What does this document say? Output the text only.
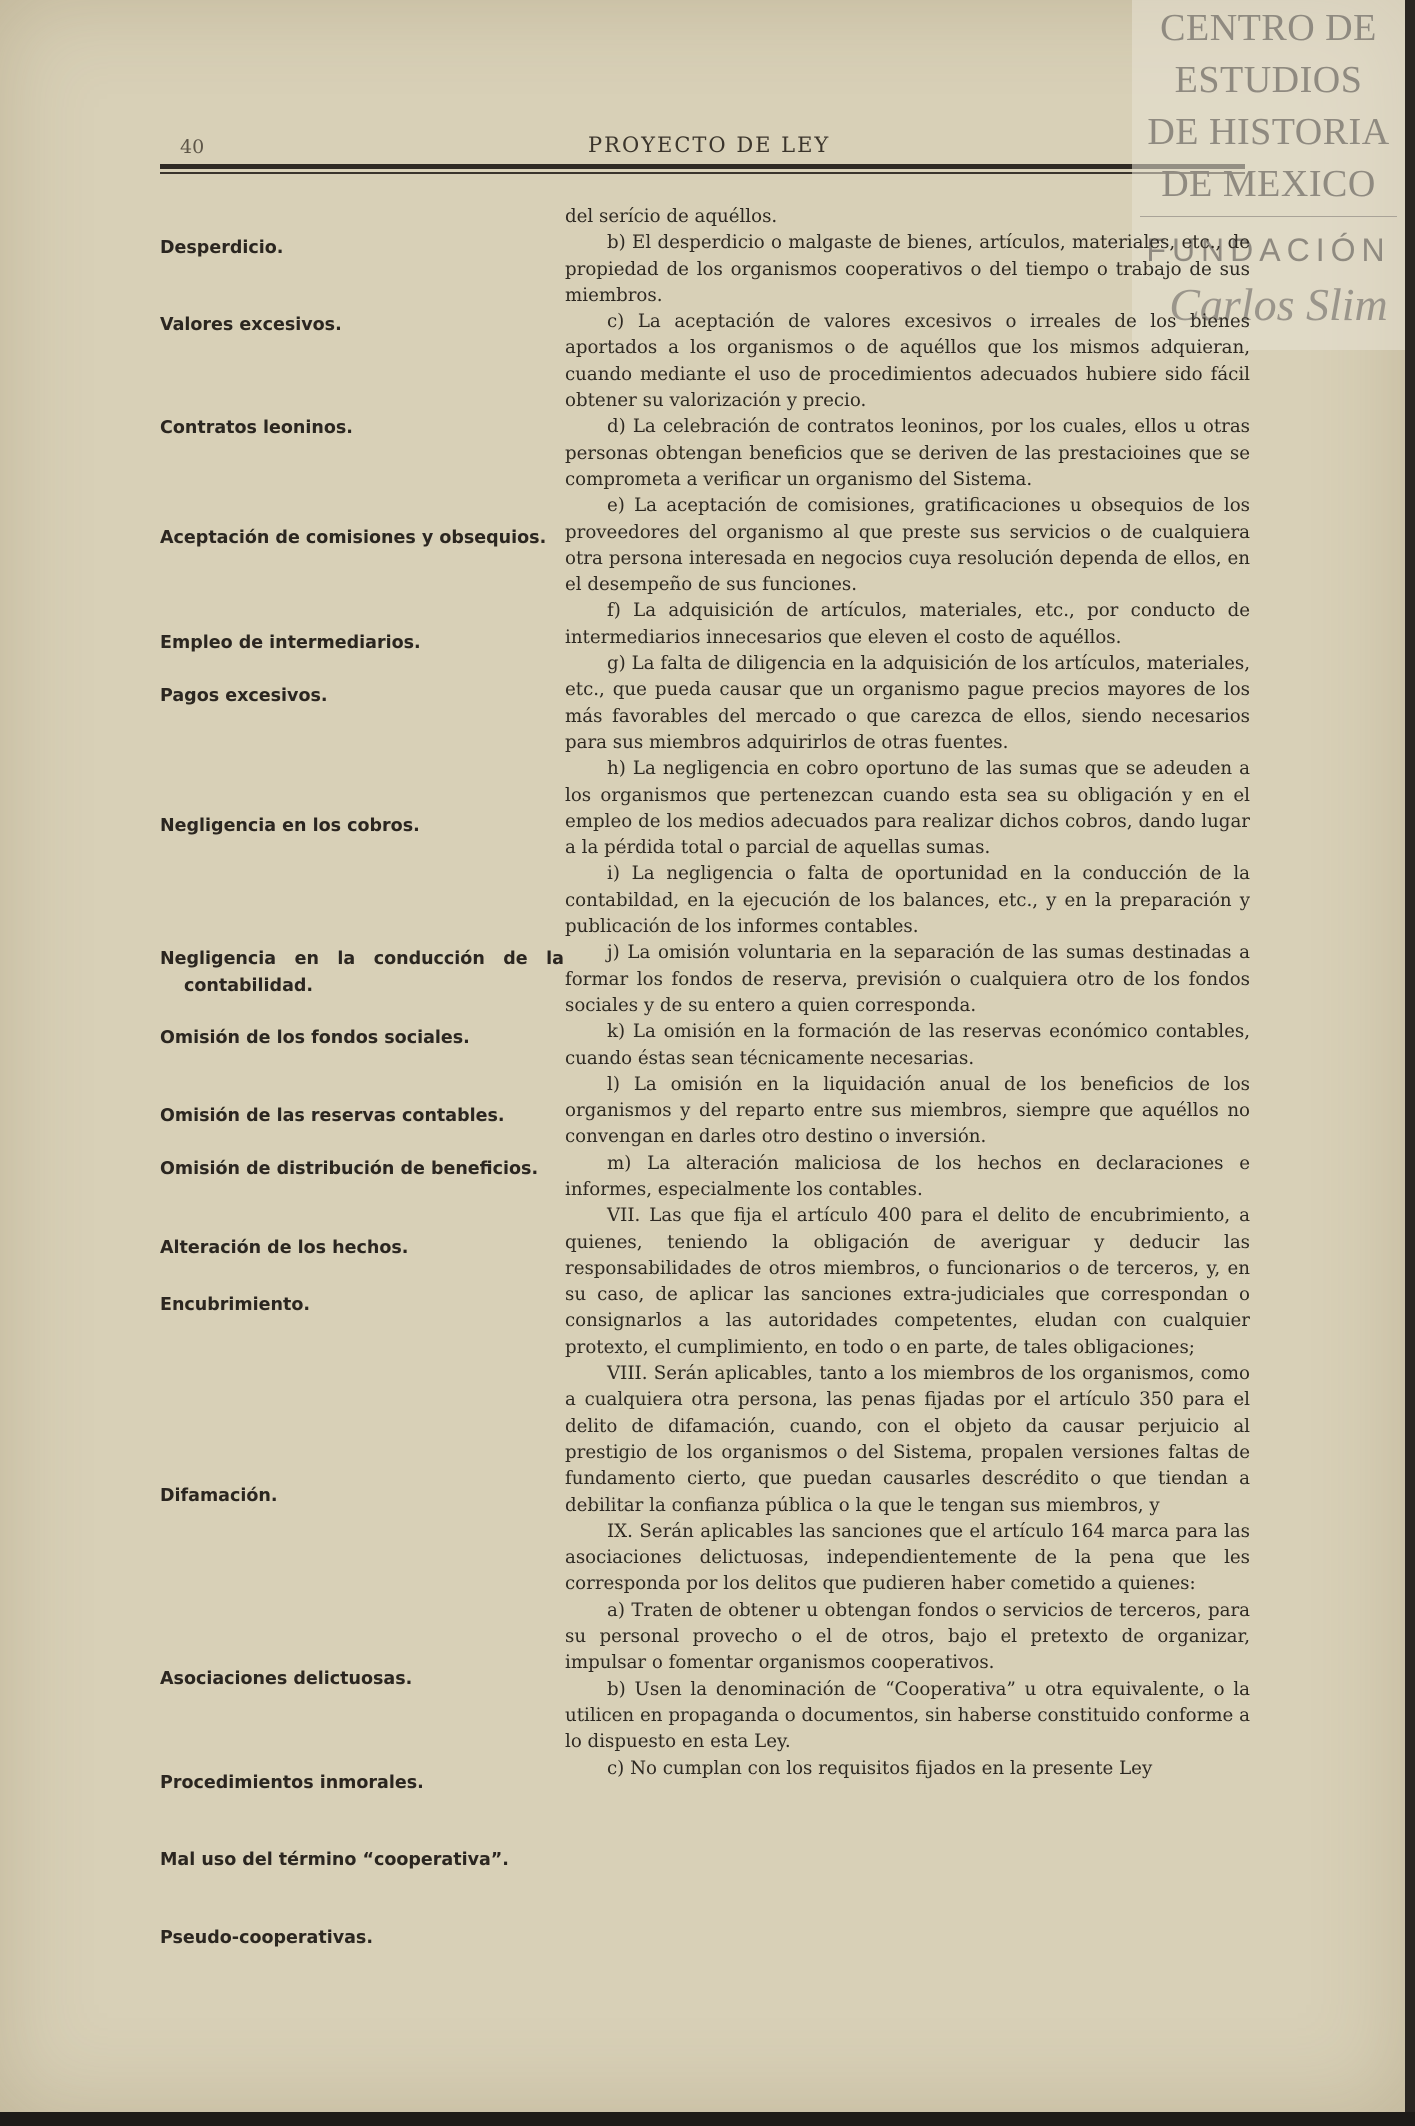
40	PROYECTO DE LEY
CENTRO DE
ESTUDIOS
DE HISTORIA
DE MEXICO
FUNDACIÓN
Carlos Slim
Desperdicio.
Valores excesivos.
Contratos leoninos.
Aceptación de comisiones y obsequios.
Empleo de intermediarios.
Pagos excesivos.
Negligencia en los cobros.
Negligencia en la conducción de la contabilidad.
Omisión de los fondos sociales.
Omisión de las reservas contables.
Omisión de distribución de beneficios.
Alteración de los hechos.
Encubrimiento.
Difamación.
Asociaciones delictuosas.
Procedimientos inmorales.
Mal uso del término “cooperativa”.
Pseudo-cooperativas.

del serício de aquéllos.

b) El desperdicio o malgaste de bienes, artículos, materiales, etc., de propiedad de los organismos cooperativos o del tiempo o trabajo de sus miembros.

c) La aceptación de valores excesivos o irreales de los bienes aportados a los organismos o de aquéllos que los mismos adquieran, cuando mediante el uso de procedimientos adecuados hubiere sido fácil obtener su valorización y precio.

d) La celebración de contratos leoninos, por los cuales, ellos u otras personas obtengan beneficios que se deriven de las prestacioines que se comprometa a verificar un organismo del Sistema.

e) La aceptación de comisiones, gratificaciones u obsequios de los proveedores del organismo al que preste sus servicios o de cualquiera otra persona interesada en negocios cuya resolución dependa de ellos, en el desempeño de sus funciones.

f) La adquisición de artículos, materiales, etc., por conducto de intermediarios innecesarios que eleven el costo de aquéllos.

g) La falta de diligencia en la adquisición de los artículos, materiales, etc., que pueda causar que un organismo pague precios mayores de los más favorables del mercado o que carezca de ellos, siendo necesarios para sus miembros adquirirlos de otras fuentes.

h) La negligencia en cobro oportuno de las sumas que se adeuden a los organismos que pertenezcan cuando esta sea su obligación y en el empleo de los medios adecuados para realizar dichos cobros, dando lugar a la pérdida total o parcial de aquellas sumas.

i) La negligencia o falta de oportunidad en la conducción de la contabildad, en la ejecución de los balances, etc., y en la preparación y publicación de los informes contables.

j) La omisión voluntaria en la separación de las sumas destinadas a formar los fondos de reserva, previsión o cualquiera otro de los fondos sociales y de su entero a quien corresponda.

k) La omisión en la formación de las reservas económico contables, cuando éstas sean técnicamente necesarias.

l) La omisión en la liquidación anual de los beneficios de los organismos y del reparto entre sus miembros, siempre que aquéllos no convengan en darles otro destino o inversión.

m) La alteración maliciosa de los hechos en declaraciones e informes, especialmente los contables.

VII. Las que fija el artículo 400 para el delito de encubrimiento, a quienes, teniendo la obligación de averiguar y deducir las responsabilidades de otros miembros, o funcionarios o de terceros, y, en su caso, de aplicar las sanciones extra-judiciales que correspondan o consignarlos a las autoridades competentes, eludan con cualquier protexto, el cumplimiento, en todo o en parte, de tales obligaciones;

VIII. Serán aplicables, tanto a los miembros de los organismos, como a cualquiera otra persona, las penas fijadas por el artículo 350 para el delito de difamación, cuando, con el objeto da causar perjuicio al prestigio de los organismos o del Sistema, propalen versiones faltas de fundamento cierto, que puedan causarles descrédito o que tiendan a debilitar la confianza pública o la que le tengan sus miembros, y

IX. Serán aplicables las sanciones que el artículo 164 marca para las asociaciones delictuosas, independientemente de la pena que les corresponda por los delitos que pudieren haber cometido a quienes:

a) Traten de obtener u obtengan fondos o servicios de terceros, para su personal provecho o el de otros, bajo el pretexto de organizar, impulsar o fomentar organismos cooperativos.

b) Usen la denominación de “Cooperativa” u otra equivalente, o la utilicen en propaganda o documentos, sin haberse constituido conforme a lo dispuesto en esta Ley.

c) No cumplan con los requisitos fijados en la presente Ley
